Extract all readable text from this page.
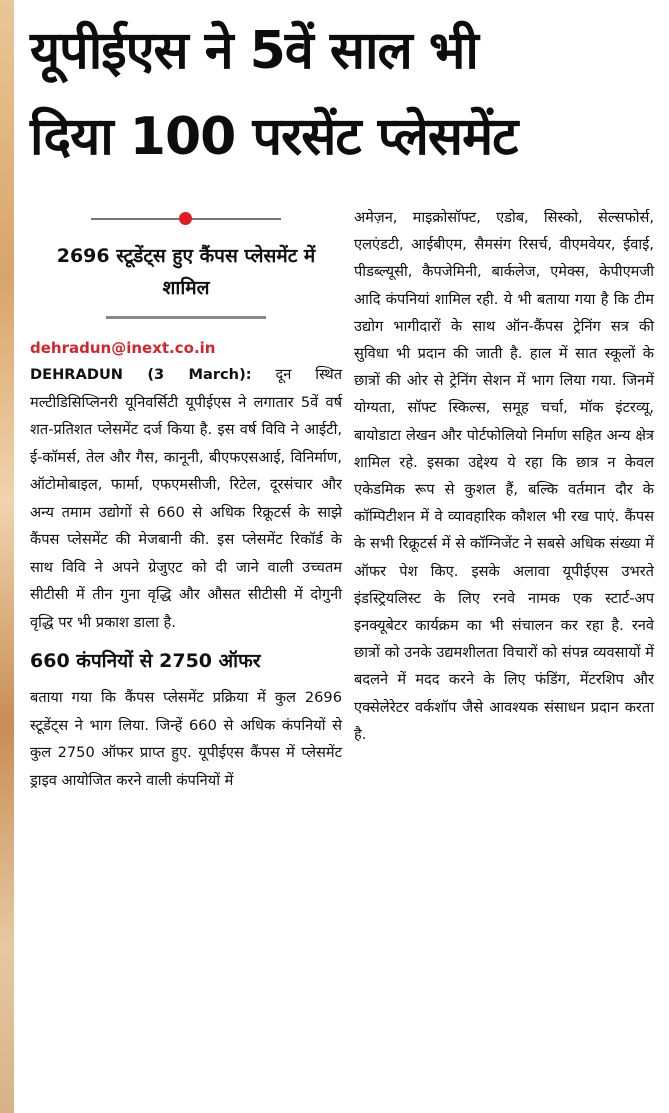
यूपीईएस ने 5वें साल भी
दिया 100 परसेंट प्लेसमेंट
2696 स्टूडेंट्स हुए कैंपस प्लेसमेंट में शामिल
dehradun@inext.co.in

DEHRADUN (3 March): दून स्थित मल्टीडिसिप्लिनरी यूनिवर्सिटी यूपीईएस ने लगातार 5वें वर्ष शत-प्रतिशत प्लेसमेंट दर्ज किया है. इस वर्ष विवि ने आईटी, ई-कॉमर्स, तेल और गैस, कानूनी, बीएफएसआई, विनिर्माण, ऑटोमोबाइल, फार्मा, एफएमसीजी, रिटेल, दूरसंचार और अन्य तमाम उद्योगों से 660 से अधिक रिक्रूटर्स के साझे कैंपस प्लेसमेंट की मेजबानी की. इस प्लेसमेंट रिकॉर्ड के साथ विवि ने अपने ग्रेजुएट को दी जाने वाली उच्चतम सीटीसी में तीन गुना वृद्धि और औसत सीटीसी में दोगुनी वृद्धि पर भी प्रकाश डाला है.

660 कंपनियों से 2750 ऑफर

बताया गया कि कैंपस प्लेसमेंट प्रक्रिया में कुल 2696 स्टूडेंट्स ने भाग लिया. जिन्हें 660 से अधिक कंपनियों से कुल 2750 ऑफर प्राप्त हुए. यूपीईएस कैंपस में प्लेसमेंट ड्राइव आयोजित करने वाली कंपनियों में

अमेज़न, माइक्रोसॉफ्ट, एडोब, सिस्को, सेल्सफोर्स, एलएंडटी, आईबीएम, सैमसंग रिसर्च, वीएमवेयर, ईवाई, पीडब्ल्यूसी, कैपजेमिनी, बार्कलेज, एमेक्स, केपीएमजी आदि कंपनियां शामिल रही. ये भी बताया गया है कि टीम उद्योग भागीदारों के साथ ऑन-कैंपस ट्रेनिंग सत्र की सुविधा भी प्रदान की जाती है. हाल में सात स्कूलों के छात्रों की ओर से ट्रेनिंग सेशन में भाग लिया गया. जिनमें योग्यता, सॉफ्ट स्किल्स, समूह चर्चा, मॉक इंटरव्यू, बायोडाटा लेखन और पोर्टफोलियो निर्माण सहित अन्य क्षेत्र शामिल रहे. इसका उद्देश्य ये रहा कि छात्र न केवल एकेडमिक रूप से कुशल हैं, बल्कि वर्तमान दौर के कॉम्पिटीशन में वे व्यावहारिक कौशल भी रख पाएं. कैंपस के सभी रिक्रूटर्स में से कॉग्निजेंट ने सबसे अधिक संख्या में ऑफर पेश किए. इसके अलावा यूपीईएस उभरते इंडस्ट्रियलिस्ट के लिए रनवे नामक एक स्टार्ट-अप इनक्यूबेटर कार्यक्रम का भी संचालन कर रहा है. रनवे छात्रों को उनके उद्यमशीलता विचारों को संपन्न व्यवसायों में बदलने में मदद करने के लिए फंडिंग, मेंटरशिप और एक्सेलेरेटर वर्कशॉप जैसे आवश्यक संसाधन प्रदान करता है.
